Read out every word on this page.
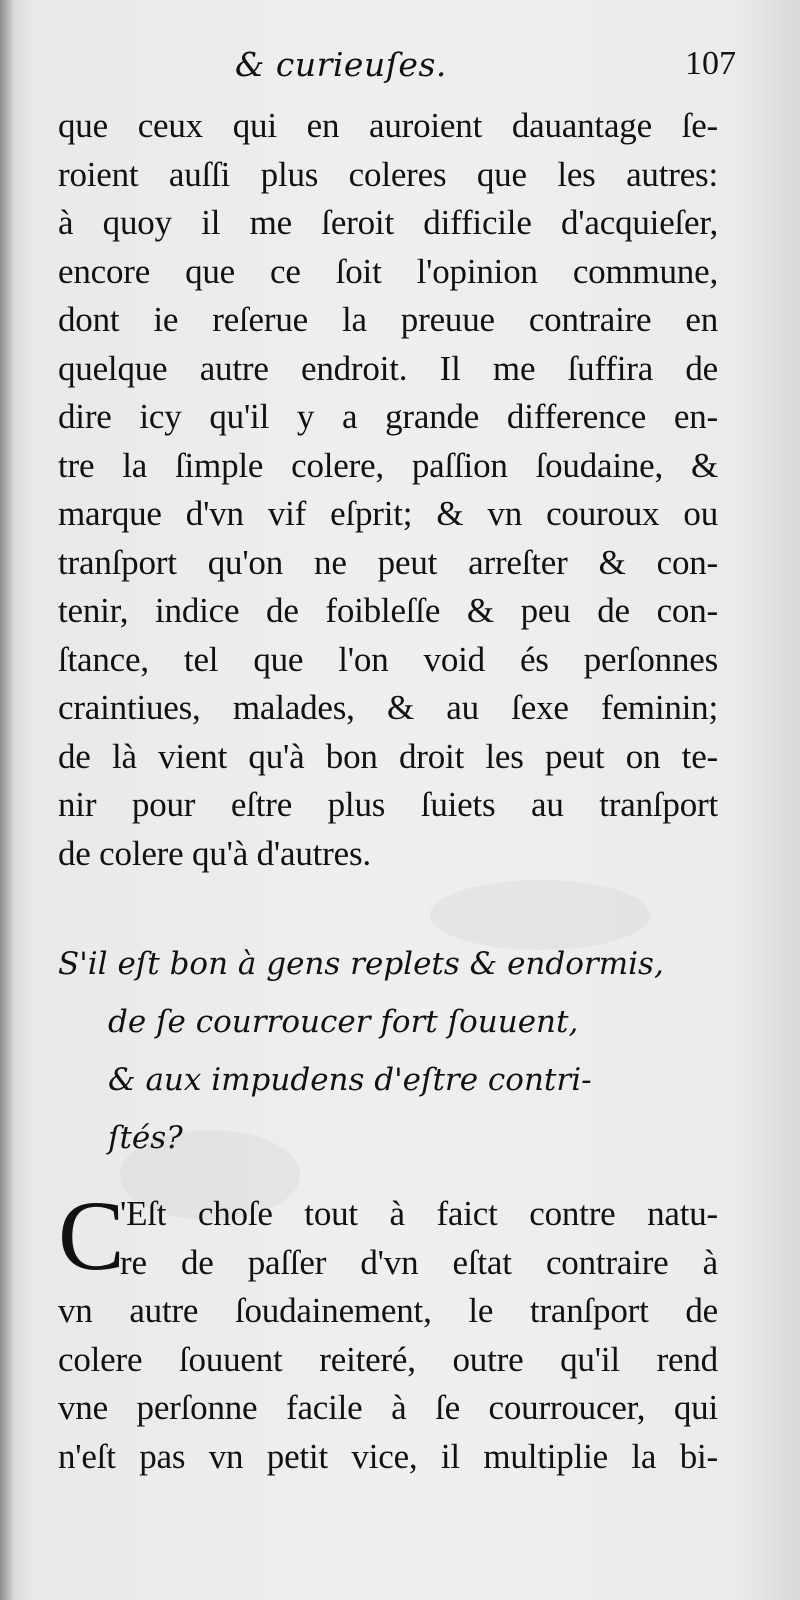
& curieuſes.	107
que ceux qui en auroient dauantage ſe-
roient auſſi plus coleres que les autres:
à quoy il me ſeroit difficile d'acquieſer,
encore que ce ſoit l'opinion commune,
dont ie reſerue la preuue contraire en
quelque autre endroit. Il me ſuffira de
dire icy qu'il y a grande difference en-
tre la ſimple colere, paſſion ſoudaine, &
marque d'vn vif eſprit; & vn couroux ou
tranſport qu'on ne peut arreſter & con-
tenir, indice de foibleſſe & peu de con-
ſtance, tel que l'on void és perſonnes
craintiues, malades, & au ſexe feminin;
de là vient qu'à bon droit les peut on te-
nir pour eſtre plus ſuiets au tranſport
de colere qu'à d'autres.
S'il eſt bon à gens replets & endormis,
de ſe courroucer fort ſouuent,
& aux impudens d'eſtre contri-
ſtés?
C
'Eſt choſe tout à faict contre natu-
re de paſſer d'vn eſtat contraire à
vn autre ſoudainement, le tranſport de
colere ſouuent reiteré, outre qu'il rend
vne perſonne facile à ſe courroucer, qui
n'eſt pas vn petit vice, il multiplie la bi-
